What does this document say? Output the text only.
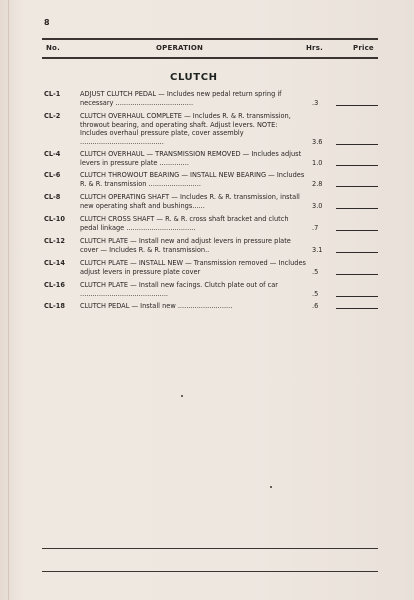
8
No.	OPERATION	Hrs.	Price
CLUTCH
CL-1	ADJUST CLUTCH PEDAL — Includes new pedal return spring if necessary .....................................	.3
CL-2	CLUTCH OVERHAUL COMPLETE — Includes R. & R. transmission, throwout bearing, and operating shaft. Adjust levers. NOTE: Includes overhaul pressure plate, cover assembly ........................................	3.6
CL-4	CLUTCH OVERHAUL — TRANSMISSION REMOVED — Includes adjust levers in pressure plate ..............	1.0
CL-6	CLUTCH THROWOUT BEARING — INSTALL NEW BEARING — Includes R. & R. transmission .........................	2.8
CL-8	CLUTCH OPERATING SHAFT — Includes R. & R. transmission, install new operating shaft and bushings......	3.0
CL-10 CLUTCH CROSS SHAFT — R. & R. cross shaft bracket and clutch pedal linkage .................................	.7
CL-12 CLUTCH PLATE — Install new and adjust levers in pressure plate cover — Includes R. & R. transmission..	3.1
CL-14 CLUTCH PLATE — INSTALL NEW — Transmission removed — Includes adjust levers in pressure plate cover	.5
CL-16 CLUTCH PLATE — Install new facings. Clutch plate out of car ..........................................	.5
CL-18 CLUTCH PEDAL — Install new ..........................	.6
